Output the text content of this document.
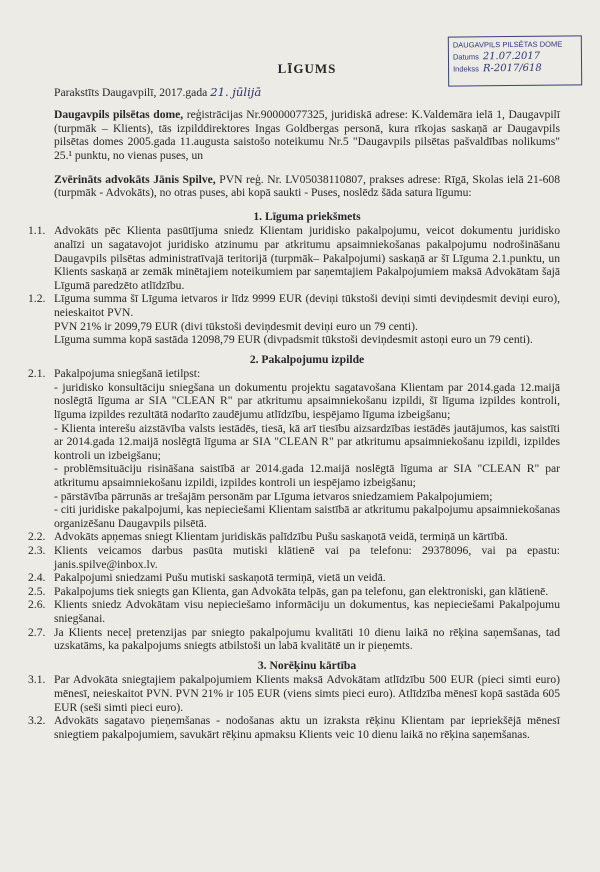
DAUGAVPILS PILSĒTAS DOME
Datums 21.07.2017
Indekss R-2017/618
LĪGUMS

Parakstīts Daugavpilī, 2017.gada 21. jūlijā

Daugavpils pilsētas dome, reģistrācijas Nr.90000077325, juridiskā adrese: K.Valdemāra ielā 1, Daugavpilī (turpmāk – Klients), tās izpilddirektores Ingas Goldbergas personā, kura rīkojas saskaņā ar Daugavpils pilsētas domes 2005.gada 11.augusta saistošo noteikumu Nr.5 "Daugavpils pilsētas pašvaldības nolikums" 25.¹ punktu, no vienas puses, un

Zvērināts advokāts Jānis Spilve, PVN reģ. Nr. LV05038110807, prakses adrese: Rīgā, Skolas ielā 21-608 (turpmāk - Advokāts), no otras puses, abi kopā saukti - Puses, noslēdz šāda satura līgumu:

1. Līguma priekšmets
1.1. Advokāts pēc Klienta pasūtījuma sniedz Klientam juridisko pakalpojumu, veicot dokumentu juridisko analīzi un sagatavojot juridisko atzinumu par atkritumu apsaimniekošanas pakalpojumu nodrošināšanu Daugavpils pilsētas administratīvajā teritorijā (turpmāk– Pakalpojumi) saskaņā ar šī Līguma 2.1.punktu, un Klients saskaņā ar zemāk minētajiem noteikumiem par saņemtajiem Pakalpojumiem maksā Advokātam šajā Līgumā paredzēto atlīdzību.
1.2. Līguma summa šī Līguma ietvaros ir līdz 9999 EUR (deviņi tūkstoši deviņi simti deviņdesmit deviņi euro), neieskaitot PVN.
PVN 21% ir 2099,79 EUR (divi tūkstoši deviņdesmit deviņi euro un 79 centi).
Līguma summa kopā sastāda 12098,79 EUR (divpadsmit tūkstoši deviņdesmit astoņi euro un 79 centi).
2. Pakalpojumu izpilde
2.1. Pakalpojuma sniegšanā ietilpst:
- juridisko konsultāciju sniegšana un dokumentu projektu sagatavošana Klientam par 2014.gada 12.maijā noslēgtā līguma ar SIA "CLEAN R" par atkritumu apsaimniekošanu izpildi, šī līguma izpildes kontroli, līguma izpildes rezultātā nodarīto zaudējumu atlīdzību, iespējamo līguma izbeigšanu;
- Klienta interešu aizstāvība valsts iestādēs, tiesā, kā arī tiesību aizsardzības iestādēs jautājumos, kas saistīti ar 2014.gada 12.maijā noslēgtā līguma ar SIA "CLEAN R" par atkritumu apsaimniekošanu izpildi, izpildes kontroli un izbeigšanu;
- problēmsituāciju risināšana saistībā ar 2014.gada 12.maijā noslēgtā līguma ar SIA "CLEAN R" par atkritumu apsaimniekošanu izpildi, izpildes kontroli un iespējamo izbeigšanu;
- pārstāvība pārrunās ar trešajām personām par Līguma ietvaros sniedzamiem Pakalpojumiem;
- citi juridiske pakalpojumi, kas nepieciešami Klientam saistībā ar atkritumu pakalpojumu apsaimniekošanas organizēšanu Daugavpils pilsētā.
2.2. Advokāts apņemas sniegt Klientam juridiskās palīdzību Pušu saskaņotā veidā, termiņā un kārtībā.
2.3. Klients veicamos darbus pasūta mutiski klātienē vai pa telefonu: 29378096, vai pa epastu: janis.spilve@inbox.lv.
2.4. Pakalpojumi sniedzami Pušu mutiski saskaņotā termiņā, vietā un veidā.
2.5. Pakalpojums tiek sniegts gan Klienta, gan Advokāta telpās, gan pa telefonu, gan elektroniski, gan klātienē.
2.6. Klients sniedz Advokātam visu nepieciešamo informāciju un dokumentus, kas nepieciešami Pakalpojumu sniegšanai.
2.7. Ja Klients neceļ pretenzijas par sniegto pakalpojumu kvalitāti 10 dienu laikā no rēķina saņemšanas, tad uzskatāms, ka pakalpojums sniegts atbilstoši un labā kvalitātē un ir pieņemts.
3. Norēķinu kārtība
3.1. Par Advokāta sniegtajiem pakalpojumiem Klients maksā Advokātam atlīdzību 500 EUR (pieci simti euro) mēnesī, neieskaitot PVN. PVN 21% ir 105 EUR (viens simts pieci euro). Atlīdzība mēnesī kopā sastāda 605 EUR (seši simti pieci euro).
3.2. Advokāts sagatavo pieņemšanas - nodošanas aktu un izraksta rēķinu Klientam par iepriekšējā mēnesī sniegtiem pakalpojumiem, savukārt rēķinu apmaksu Klients veic 10 dienu laikā no rēķina saņemšanas.
